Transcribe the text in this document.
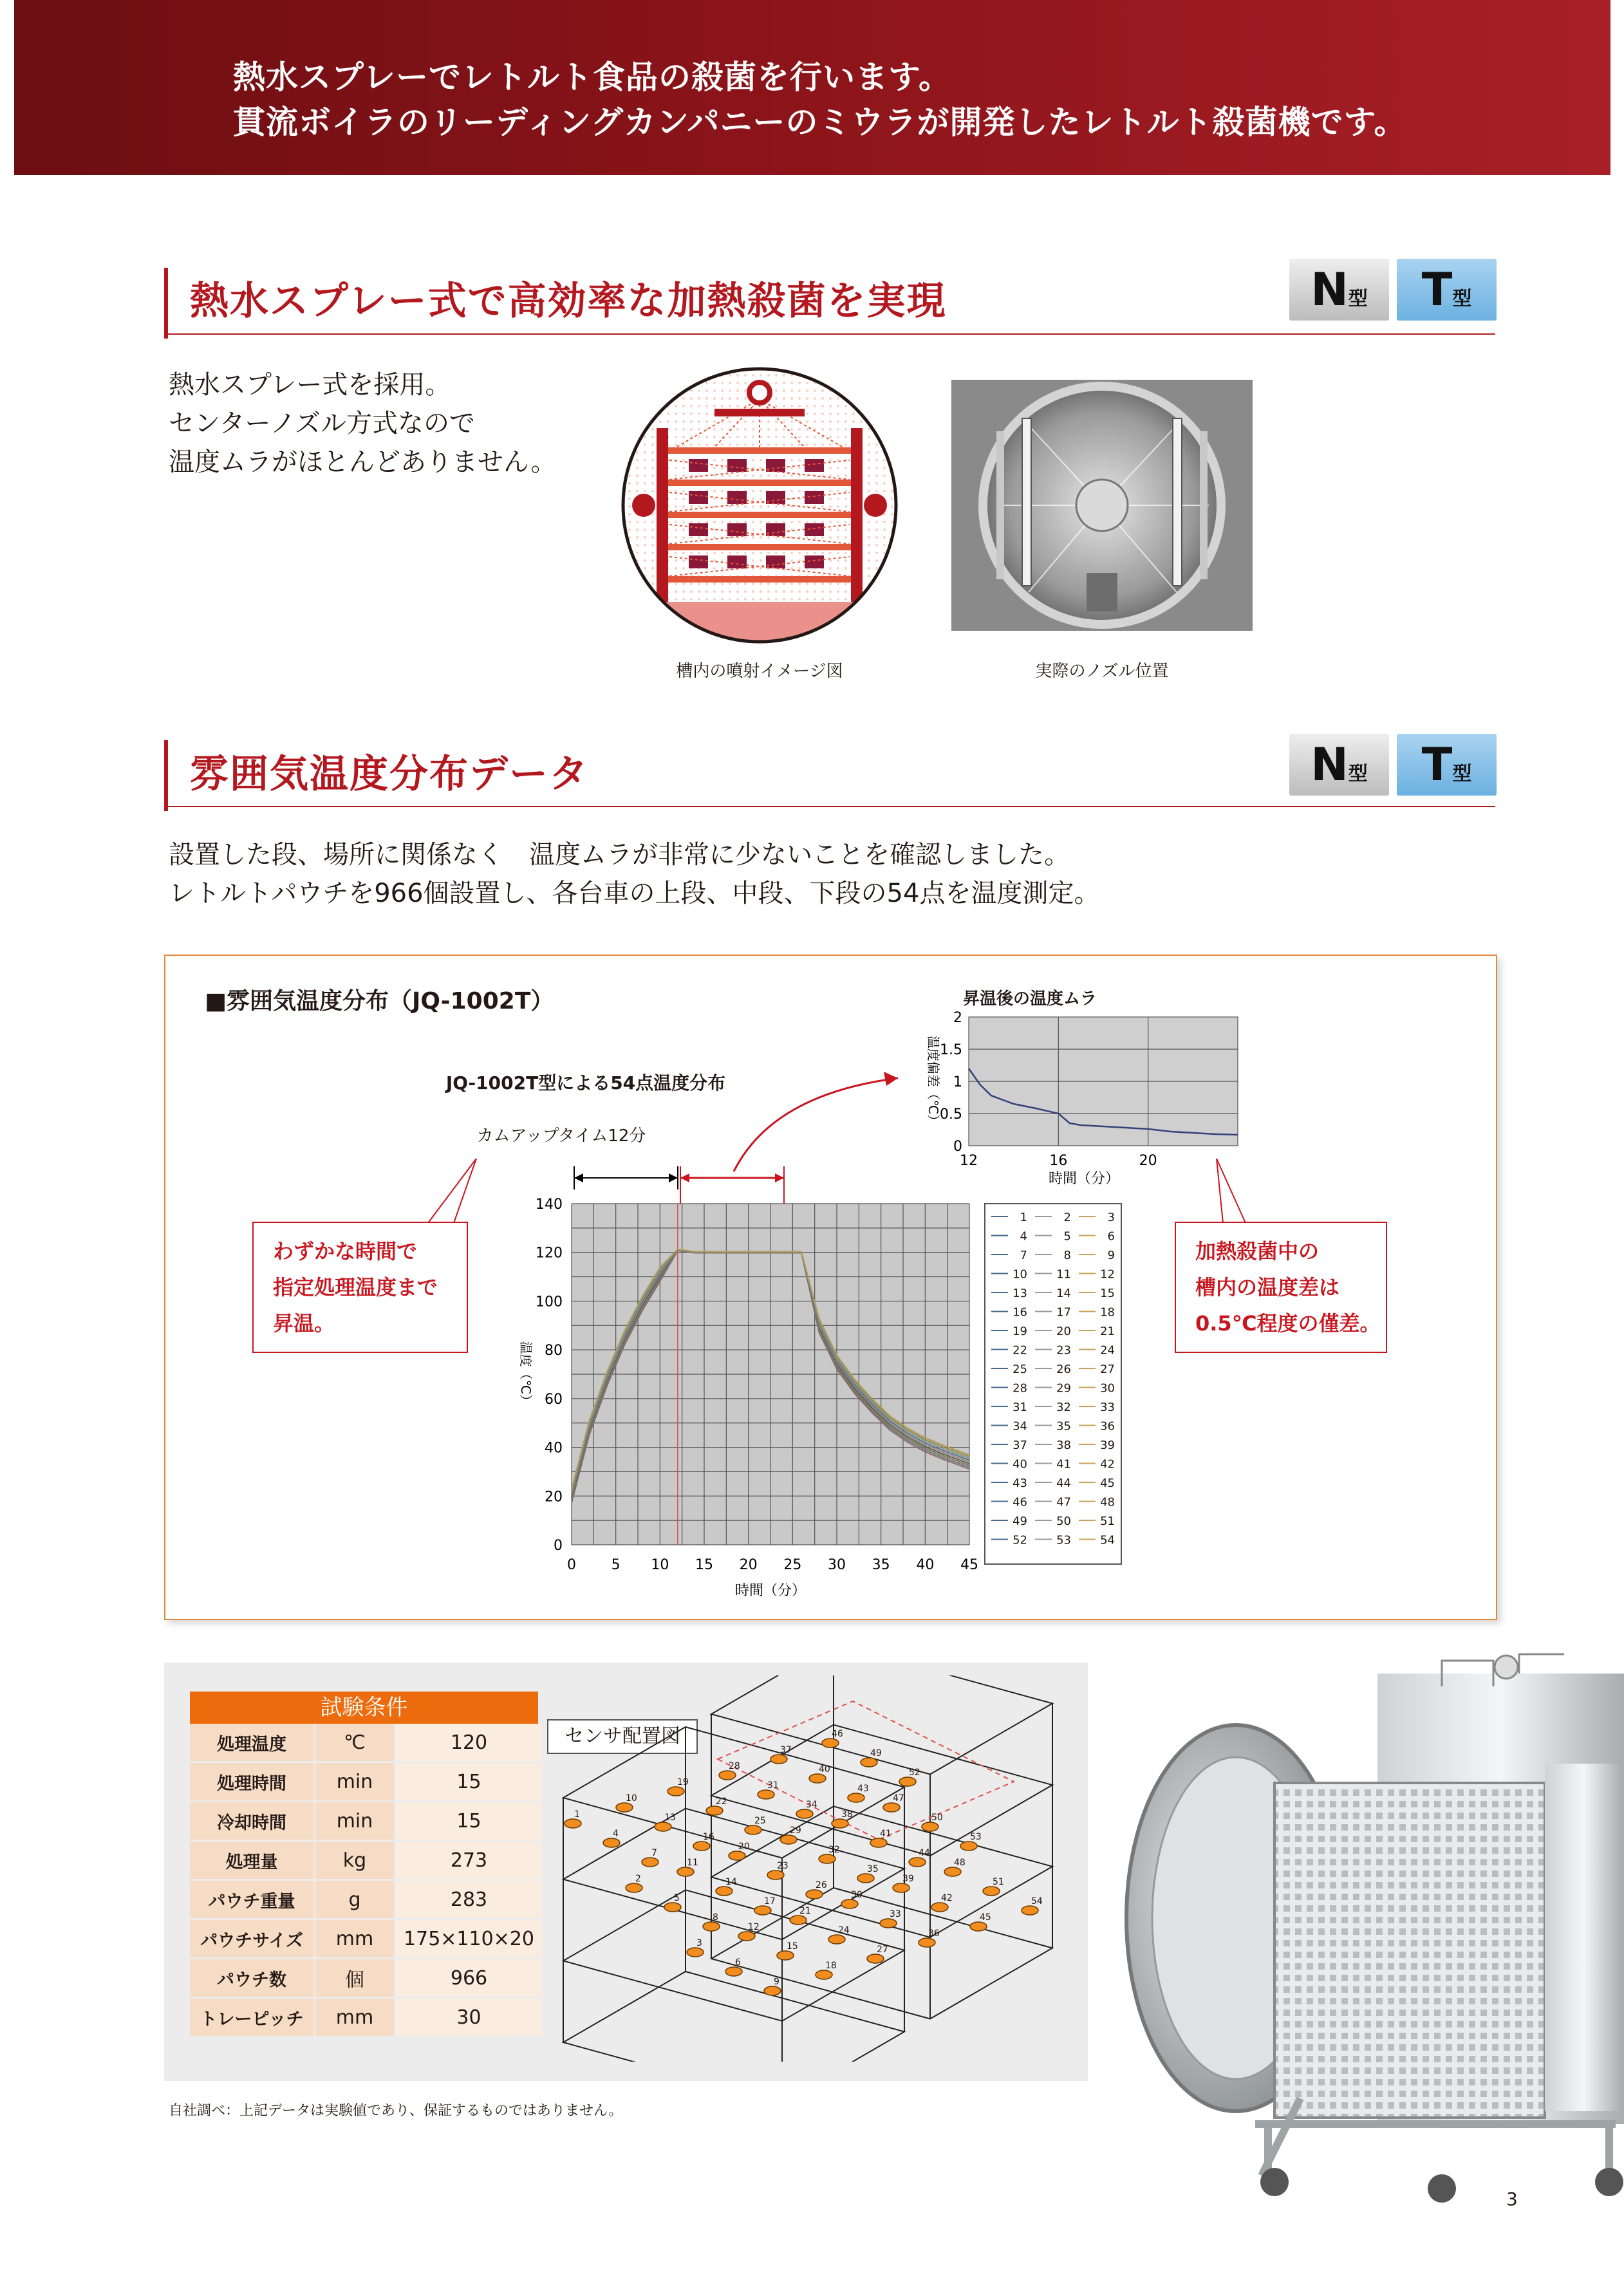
熱水スプレーでレトルト食品の殺菌を行います。
貫流ボイラのリーディングカンパニーのミウラが開発したレトルト殺菌機です。
熱水スプレー式で高効率な加熱殺菌を実現	N型	T型
熱水スプレー式を採用。
センターノズル方式なので
温度ムラがほとんどありません。
槽内の噴射イメージ図	実際のノズル位置
雰囲気温度分布データ	N型	T型
設置した段、場所に関係なく　温度ムラが非常に少ないことを確認しました。
レトルトパウチを966個設置し、各台車の上段、中段、下段の54点を温度測定。
■雰囲気温度分布（JQ-1002T）
JQ-1002T型による54点温度分布
カムアップタイム12分
0 5 10 15 20 25 30 35 40 45
0
20
40
60
80
100
120
140
時間（分）
温度（℃）
昇温後の温度ムラ
12	16	20
0
0.5
1
1.5
2
時間（分）
温度偏差（℃）
1	2	3
4	5	6
7	8	9
10	11	12
13	14	15
16	17	18
19	20	21
22	23	24
25	26	27
28	29	30
31	32	33
34	35	36
37	38	39
40	41	42
43	44	45
46	47	48
49	50	51
52	53	54
わずかな時間で
指定処理温度まで
昇温。
加熱殺菌中の
槽内の温度差は
0.5℃程度の僅差。
試験条件
処理温度	℃	120
処理時間	min	15
冷却時間	min	15
処理量	kg	273
パウチ重量	g	283
パウチサイズ	mm	175×110×20
パウチ数	個	966
トレーピッチ	mm	30
センサ配置図
1
2
3
4
5
6
7
8
9
10
11
12
13
14
15
16
17
18
19
20
21
22
23
24
25
26
27
28
29
30
31
32
33
34
35
36
37
38
39
40
41
42
43
44
45
46
47
48
49
50
51
52
53
54
自社調べ：上記データは実験値であり、保証するものではありません。
3
